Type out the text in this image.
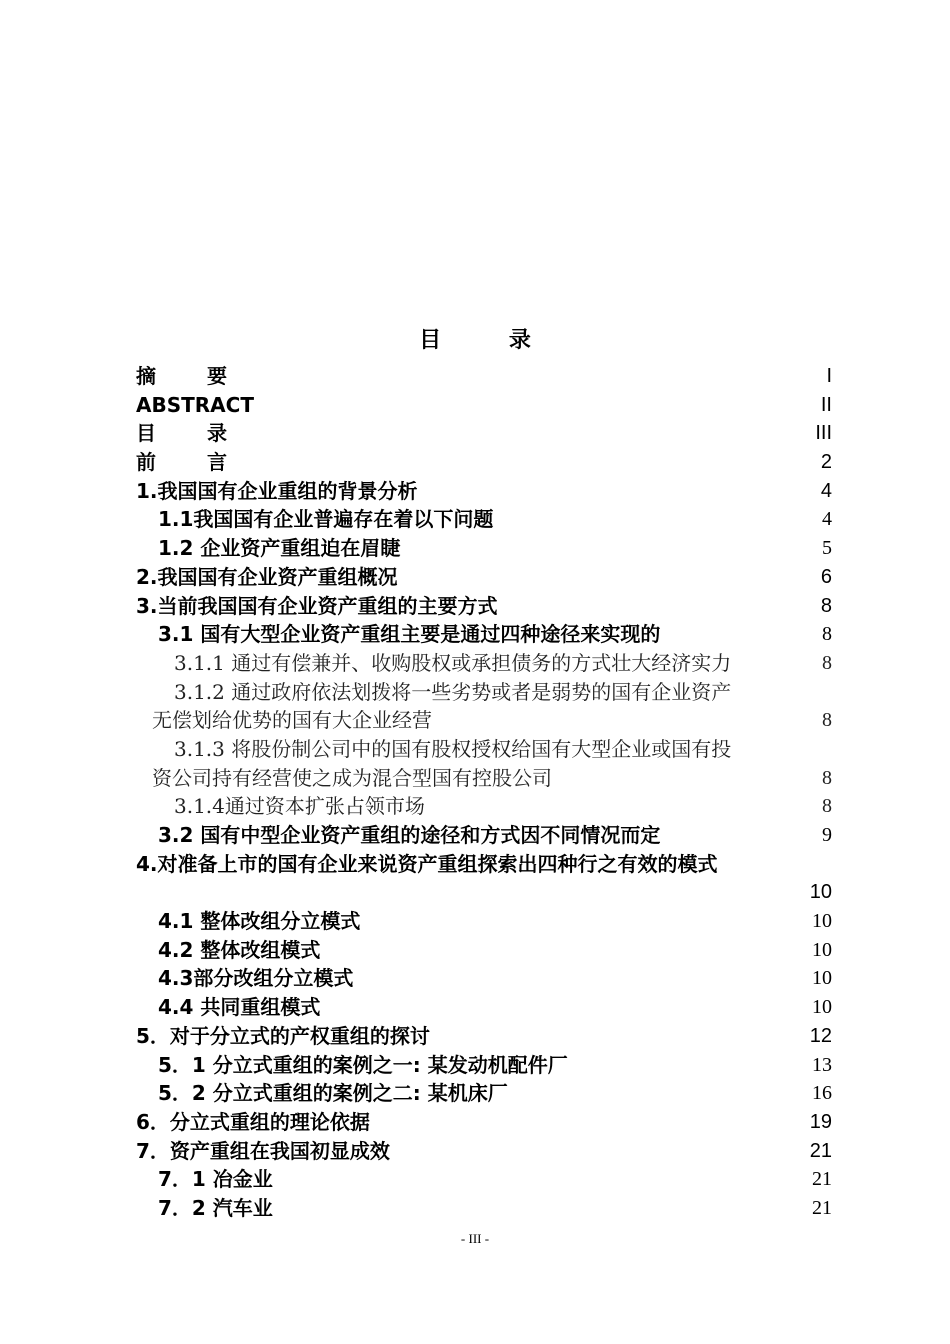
目 录
摘 要	I
ABSTRACT	II
目 录	III
前 言	2
1.我国国有企业重组的背景分析	4
1.1我国国有企业普遍存在着以下问题	4
1.2 企业资产重组迫在眉睫	5
2.我国国有企业资产重组概况	6
3.当前我国国有企业资产重组的主要方式	8
3.1 国有大型企业资产重组主要是通过四种途径来实现的	8
3.1.1 通过有偿兼并、收购股权或承担债务的方式壮大经济实力	8
3.1.2 通过政府依法划拨将一些劣势或者是弱势的国有企业资产
无偿划给优势的国有大企业经营	8
3.1.3 将股份制公司中的国有股权授权给国有大型企业或国有投
资公司持有经营使之成为混合型国有控股公司	8
3.1.4通过资本扩张占领市场	8
3.2 国有中型企业资产重组的途径和方式因不同情况而定	9
4.对准备上市的国有企业来说资产重组探索出四种行之有效的模式
10
4.1 整体改组分立模式	10
4.2 整体改组模式	10
4.3部分改组分立模式	10
4.4 共同重组模式	10
5．对于分立式的产权重组的探讨	12
5．1 分立式重组的案例之一: 某发动机配件厂	13
5．2 分立式重组的案例之二: 某机床厂	16
6．分立式重组的理论依据	19
7．资产重组在我国初显成效	21
7．1 冶金业	21
7．2 汽车业	21
- III -
